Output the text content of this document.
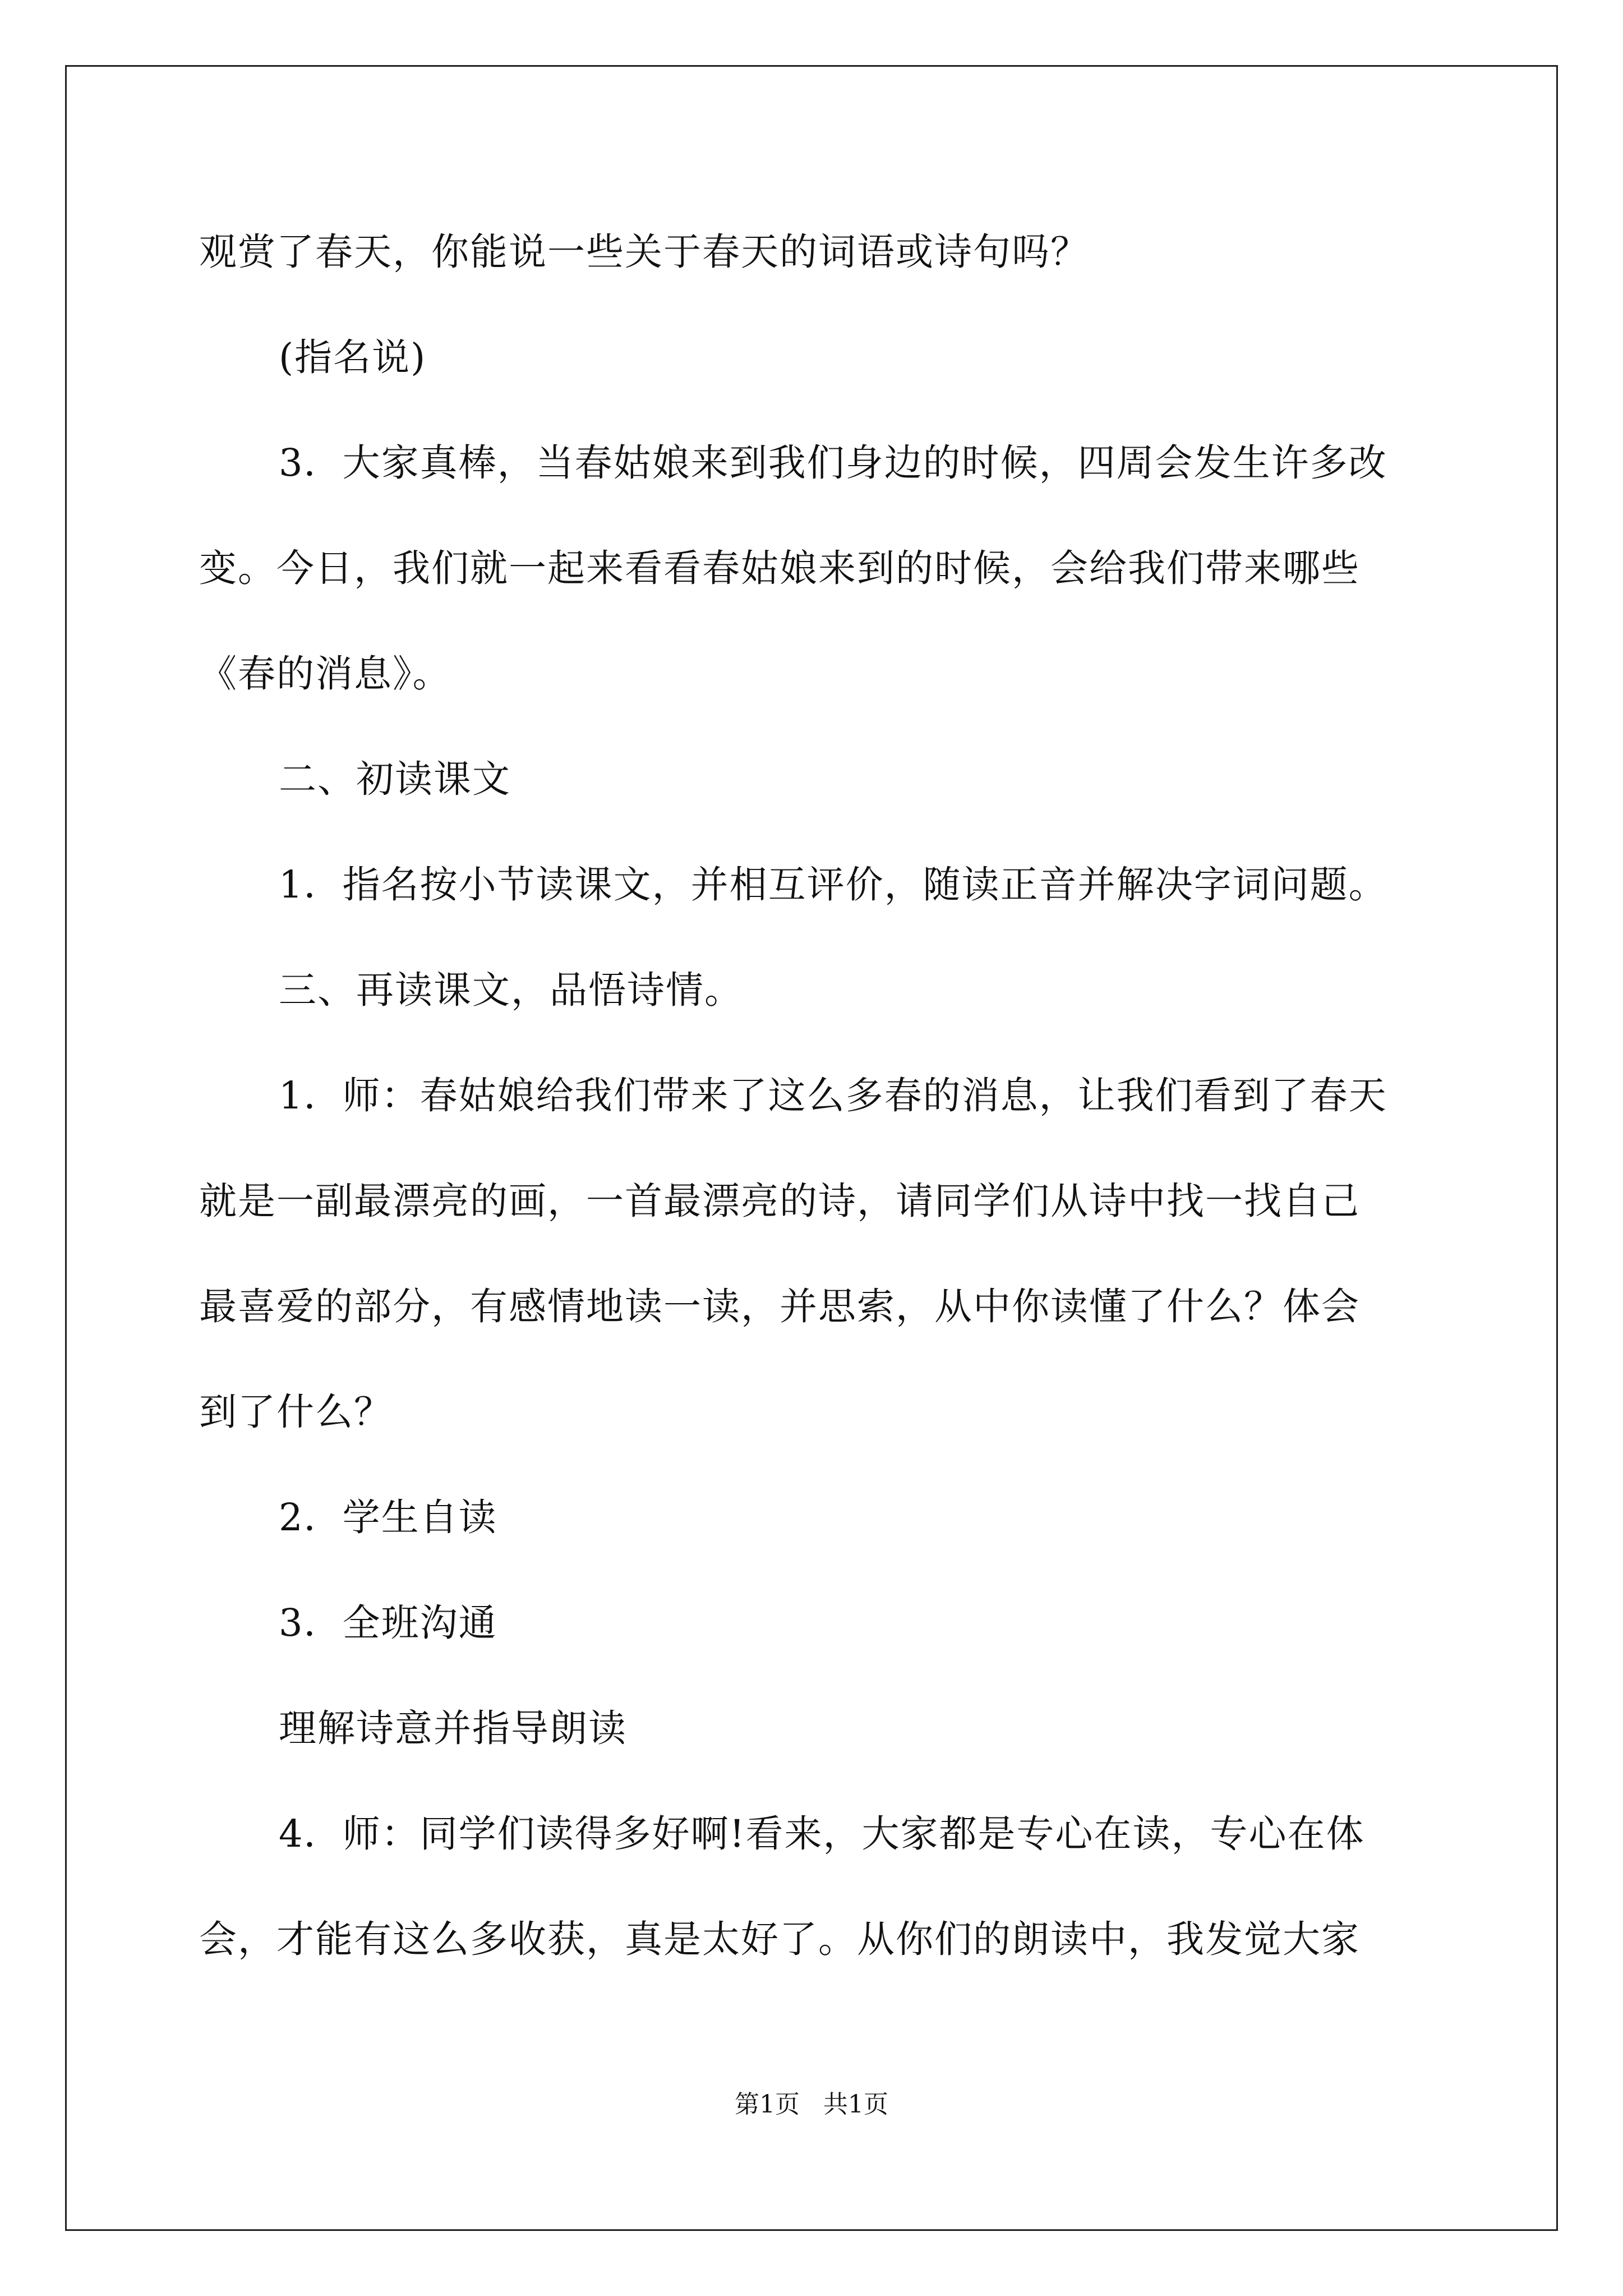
观赏了春天，你能说一些关于春天的词语或诗句吗？

(指名说)

3．大家真棒，当春姑娘来到我们身边的时候，四周会发生许多改

变。今日，我们就一起来看看春姑娘来到的时候，会给我们带来哪些

《春的消息》。

二、初读课文

1．指名按小节读课文，并相互评价，随读正音并解决字词问题。

三、再读课文，品悟诗情。

1．师：春姑娘给我们带来了这么多春的消息，让我们看到了春天

就是一副最漂亮的画，一首最漂亮的诗，请同学们从诗中找一找自己

最喜爱的部分，有感情地读一读，并思索，从中你读懂了什么？体会

到了什么？

2．学生自读

3．全班沟通

理解诗意并指导朗读

4．师：同学们读得多好啊!看来，大家都是专心在读，专心在体

会，才能有这么多收获，真是太好了。从你们的朗读中，我发觉大家

第1页   共1页
